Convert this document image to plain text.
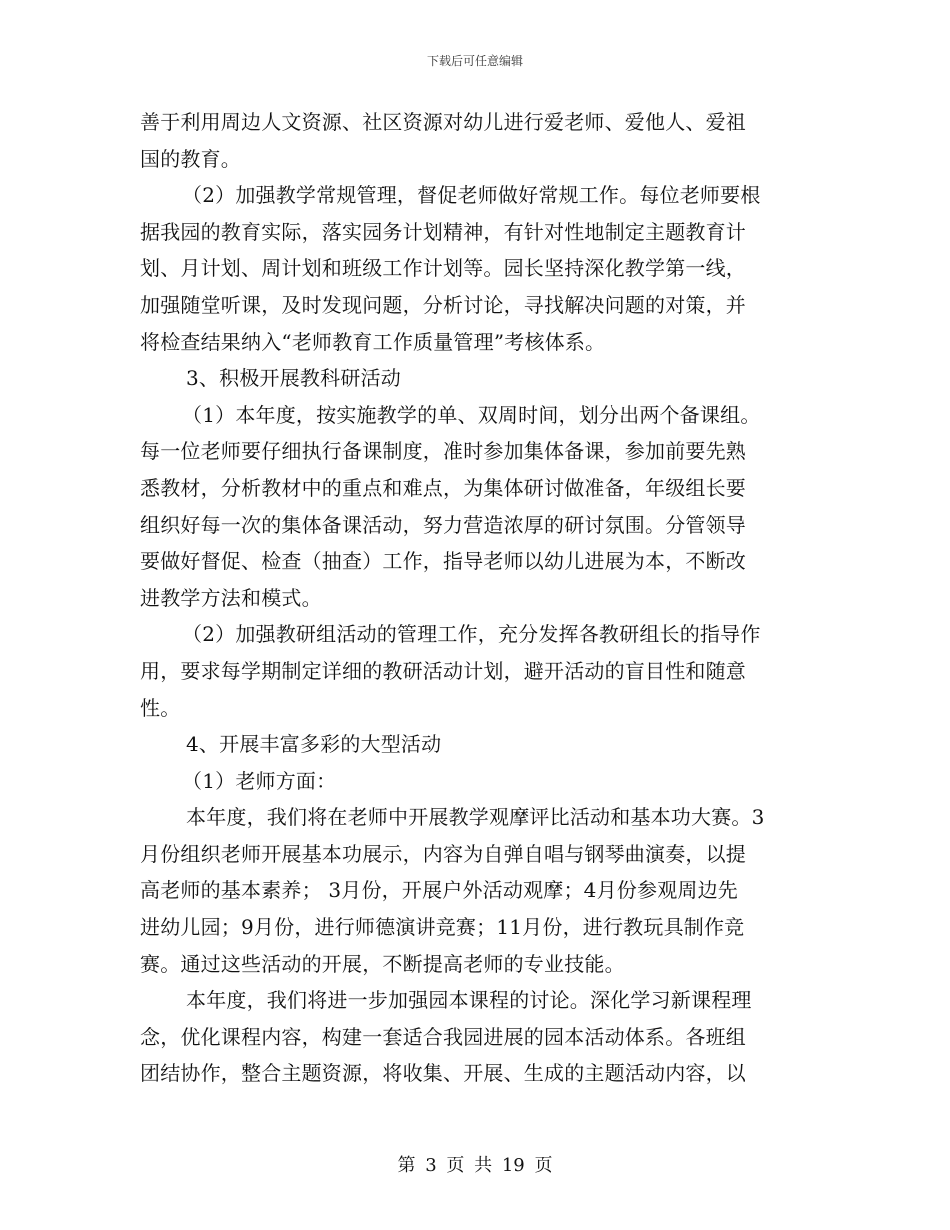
下载后可任意编辑
善于利用周边人文资源、社区资源对幼儿进行爱老师、爱他人、爱祖
国的教育。
（2）加强教学常规管理，督促老师做好常规工作。每位老师要根
据我园的教育实际，落实园务计划精神，有针对性地制定主题教育计
划、月计划、周计划和班级工作计划等。园长坚持深化教学第一线，
加强随堂听课，及时发现问题，分析讨论，寻找解决问题的对策，并
将检查结果纳入“老师教育工作质量管理”考核体系。
3、积极开展教科研活动
（1）本年度，按实施教学的单、双周时间，划分出两个备课组。
每一位老师要仔细执行备课制度，准时参加集体备课，参加前要先熟
悉教材，分析教材中的重点和难点，为集体研讨做准备，年级组长要
组织好每一次的集体备课活动，努力营造浓厚的研讨氛围。分管领导
要做好督促、检查（抽查）工作，指导老师以幼儿进展为本，不断改
进教学方法和模式。
（2）加强教研组活动的管理工作，充分发挥各教研组长的指导作
用，要求每学期制定详细的教研活动计划，避开活动的盲目性和随意
性。
4、开展丰富多彩的大型活动
（1）老师方面：
本年度，我们将在老师中开展教学观摩评比活动和基本功大赛。3
月份组织老师开展基本功展示，内容为自弹自唱与钢琴曲演奏，以提
高老师的基本素养； 3月份，开展户外活动观摩；4月份参观周边先
进幼儿园；9月份，进行师德演讲竞赛；11月份，进行教玩具制作竞
赛。通过这些活动的开展，不断提高老师的专业技能。
本年度，我们将进一步加强园本课程的讨论。深化学习新课程理
念，优化课程内容，构建一套适合我园进展的园本活动体系。各班组
团结协作，整合主题资源，将收集、开展、生成的主题活动内容，以
第 3 页 共 19 页
